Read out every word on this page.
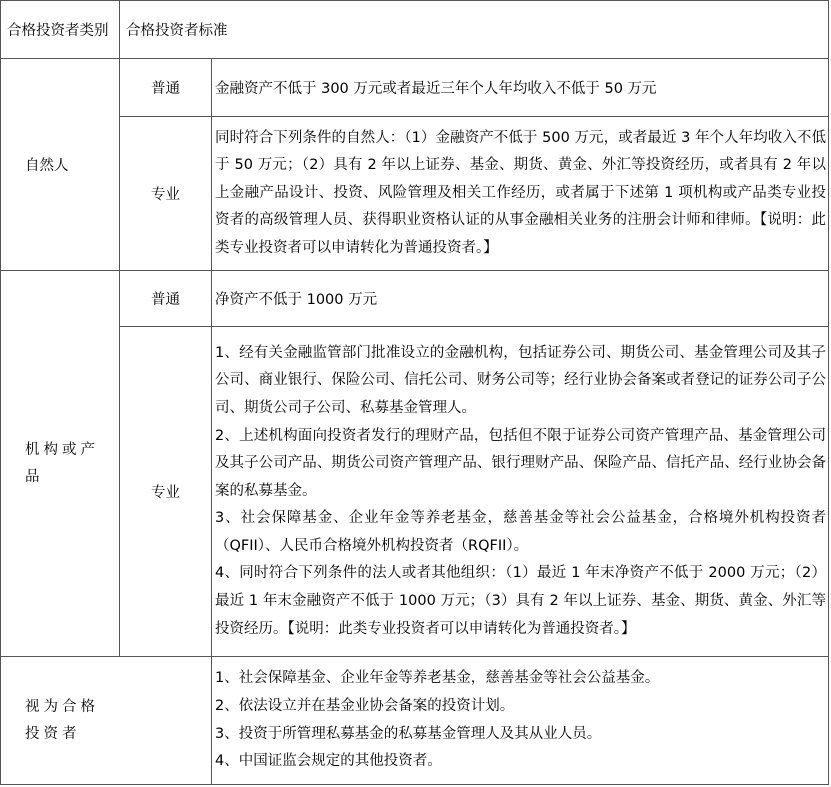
合格投资者类别	合格投资者标准	
自然人	普通	金融资产不低于 300 万元或者最近三年个人年均收入不低于 50 万元
	专业	同时符合下列条件的自然人：（1）金融资产不低于 500 万元，或者最近 3 年个人年均收入不低于 50 万元；（2）具有 2 年以上证券、基金、期货、黄金、外汇等投资经历，或者具有 2 年以上金融产品设计、投资、风险管理及相关工作经历，或者属于下述第 1 项机构或产品类专业投资者的高级管理人员、获得职业资格认证的从事金融相关业务的注册会计师和律师。【说明：此类专业投资者可以申请转化为普通投资者。】

机构或产品	普通	净资产不低于 1000 万元
	专业	1、经有关金融监管部门批准设立的金融机构，包括证券公司、期货公司、基金管理公司及其子公司、商业银行、保险公司、信托公司、财务公司等；经行业协会备案或者登记的证券公司子公司、期货公司子公司、私募基金管理人。
2、上述机构面向投资者发行的理财产品，包括但不限于证券公司资产管理产品、基金管理公司及其子公司产品、期货公司资产管理产品、银行理财产品、保险产品、信托产品、经行业协会备案的私募基金。
3、社会保障基金、企业年金等养老基金，慈善基金等社会公益基金，合格境外机构投资者（QFII）、人民币合格境外机构投资者（RQFII）。
4、同时符合下列条件的法人或者其他组织：（1）最近 1 年末净资产不低于 2000 万元；（2）最近 1 年末金融资产不低于 1000 万元；（3）具有 2 年以上证券、基金、期货、黄金、外汇等投资经历。【说明：此类专业投资者可以申请转化为普通投资者。】

视为合格投资者		1、社会保障基金、企业年金等养老基金，慈善基金等社会公益基金。
2、依法设立并在基金业协会备案的投资计划。
3、投资于所管理私募基金的私募基金管理人及其从业人员。
4、中国证监会规定的其他投资者。
